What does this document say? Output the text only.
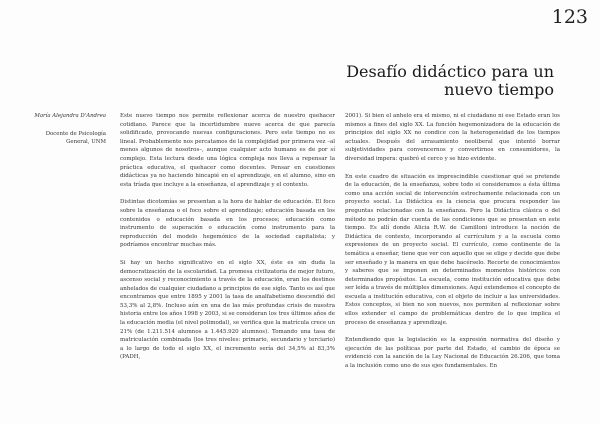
123
Desafío didáctico para un
nuevo tiempo
María Alejandra D'Andrea
Docente de Psicología
General, UNM

Este nuevo tiempo nos permite reflexionar acerca de nuestro quehacer cotidiano. Parece que la incertidumbre nueve acerca de que parecía solidificado, provocando nuevas configuraciones. Pero este tiempo no es lineal. Probablemente nos percatamos de la complejidad por primera vez –al menos algunos de nosotros–, aunque cualquier acto humano es de por sí complejo. Esta lectura desde una lógica compleja nos lleva a repensar la práctica educativa, el quehacer como docentes. Pensar en cuestiones didácticas ya no haciendo hincapié en el aprendizaje, en el alumno, sino en esta tríada que incluye a la enseñanza, el aprendizaje y el contexto.

Distintas dicotomías se presentan a la hora de hablar de educación. El foco sobre la enseñanza o el foco sobre el aprendizaje; educación basada en los contenidos o educación basada en los procesos; educación como instrumento de superación o educación como instrumento para la reproducción del modelo hegemónico de la sociedad capitalista; y podríamos encontrar muchas más.

Si hay un hecho significativo en el siglo XX, éste es sin duda la democratización de la escolaridad. La promesa civilizatoria de mejor futuro, ascenso social y reconocimiento a través de la educación, eran los destinos anhelados de cualquier ciudadano a principios de ese siglo. Tanto es así que encontramos que entre 1895 y 2001 la tasa de analfabetismo descendió del 53,3% al 2,8%. Incluso aún en una de las más profundas crisis de nuestra historia entre los años 1998 y 2003, si se consideran los tres últimos años de la educación media (el nivel polimodal), se verifica que la matrícula crece un 21% (de 1.211.514 alumnos a 1.445.920 alumnos). Tomando una tasa de matriculación combinada (los tres niveles: primario, secundario y terciario) a lo largo de todo el siglo XX, el incremento sería del 34,5% al 83,3% (PADH,

2001). Si bien el anhelo era el mismo, ni el ciudadano ni ese Estado eran los mismos a fines del siglo XX. La función hegemonizadora de la educación de principios del siglo XX no condice con la heterogeneidad de los tiempos actuales. Después del arrasamiento neoliberal que intentó borrar subjetividades para convencernos y convertirnos en consumidores, la diversidad impera: quebró el cerco y se hizo evidente.

En este cuadro de situación es imprescindible cuestionar qué se pretende de la educación, de la enseñanza, sobre todo si consideramos a ésta última como una acción social de intervención estrechamente relacionada con un proyecto social. La Didáctica es la ciencia que procura responder las preguntas relacionadas con la enseñanza. Pero la Didáctica clásica o del método no podrán dar cuenta de las condiciones que se presentan en este tiempo. Es allí donde Alicia R.W. de Camilloni introduce la noción de Didáctica de contexto, incorporando al currículum y a la escuela como expresiones de un proyecto social. El currículo, como continente de la temática a enseñar, tiene que ver con aquello que se elige y decide que debe ser enseñado y la manera en que debe hacérselo. Recorte de conocimientos y saberes que se imponen en determinados momentos históricos con determinados propósitos. La escuela, como institución educativa que debe ser leída a través de múltiples dimensiones. Aquí extendemos el concepto de escuela a institución educativa, con el objeto de incluir a las universidades. Estos conceptos, si bien no son nuevos, nos permiten al reflexionar sobre ellos extender el campo de problemáticas dentro de lo que implica el proceso de enseñanza y aprendizaje.

Entendiendo que la legislación es la expresión normativa del diseño y ejecución de las políticas por parte del Estado, el cambio de época se evidenció con la sanción de la Ley Nacional de Educación 26.206, que toma a la inclusión como uno de sus ejes fundamentales. En
